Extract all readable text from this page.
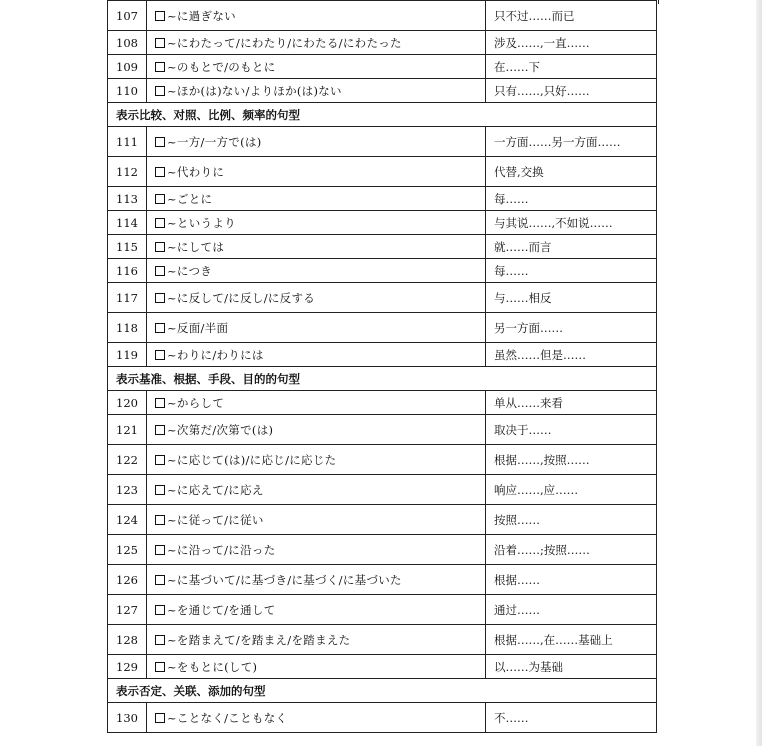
107	~に過ぎない	只不过……而已
108	~にわたって/にわたり/にわたる/にわたった	涉及……,一直……
109	~のもとで/のもとに	在……下
110	~ほか(は)ない/よりほか(は)ない	只有……,只好……
表示比较、对照、比例、频率的句型		
111	~一方/一方で(は)	一方面……另一方面……
112	~代わりに	代替,交换
113	~ごとに	每……
114	~というより	与其说……,不如说……
115	~にしては	就……而言
116	~につき	每……
117	~に反して/に反し/に反する	与……相反
118	~反面/半面	另一方面……
119	~わりに/わりには	虽然……但是……
表示基准、根据、手段、目的的句型		
120	~からして	单从……来看
121	~次第だ/次第で(は)	取决于……
122	~に応じて(は)/に応じ/に応じた	根据……,按照……
123	~に応えて/に応え	响应……,应……
124	~に従って/に従い	按照……
125	~に沿って/に沿った	沿着……;按照……
126	~に基づいて/に基づき/に基づく/に基づいた	根据……
127	~を通じて/を通して	通过……
128	~を踏まえて/を踏まえ/を踏まえた	根据……,在……基础上
129	~をもとに(して)	以……为基础
表示否定、关联、添加的句型		
130	~ことなく/こともなく	不……
